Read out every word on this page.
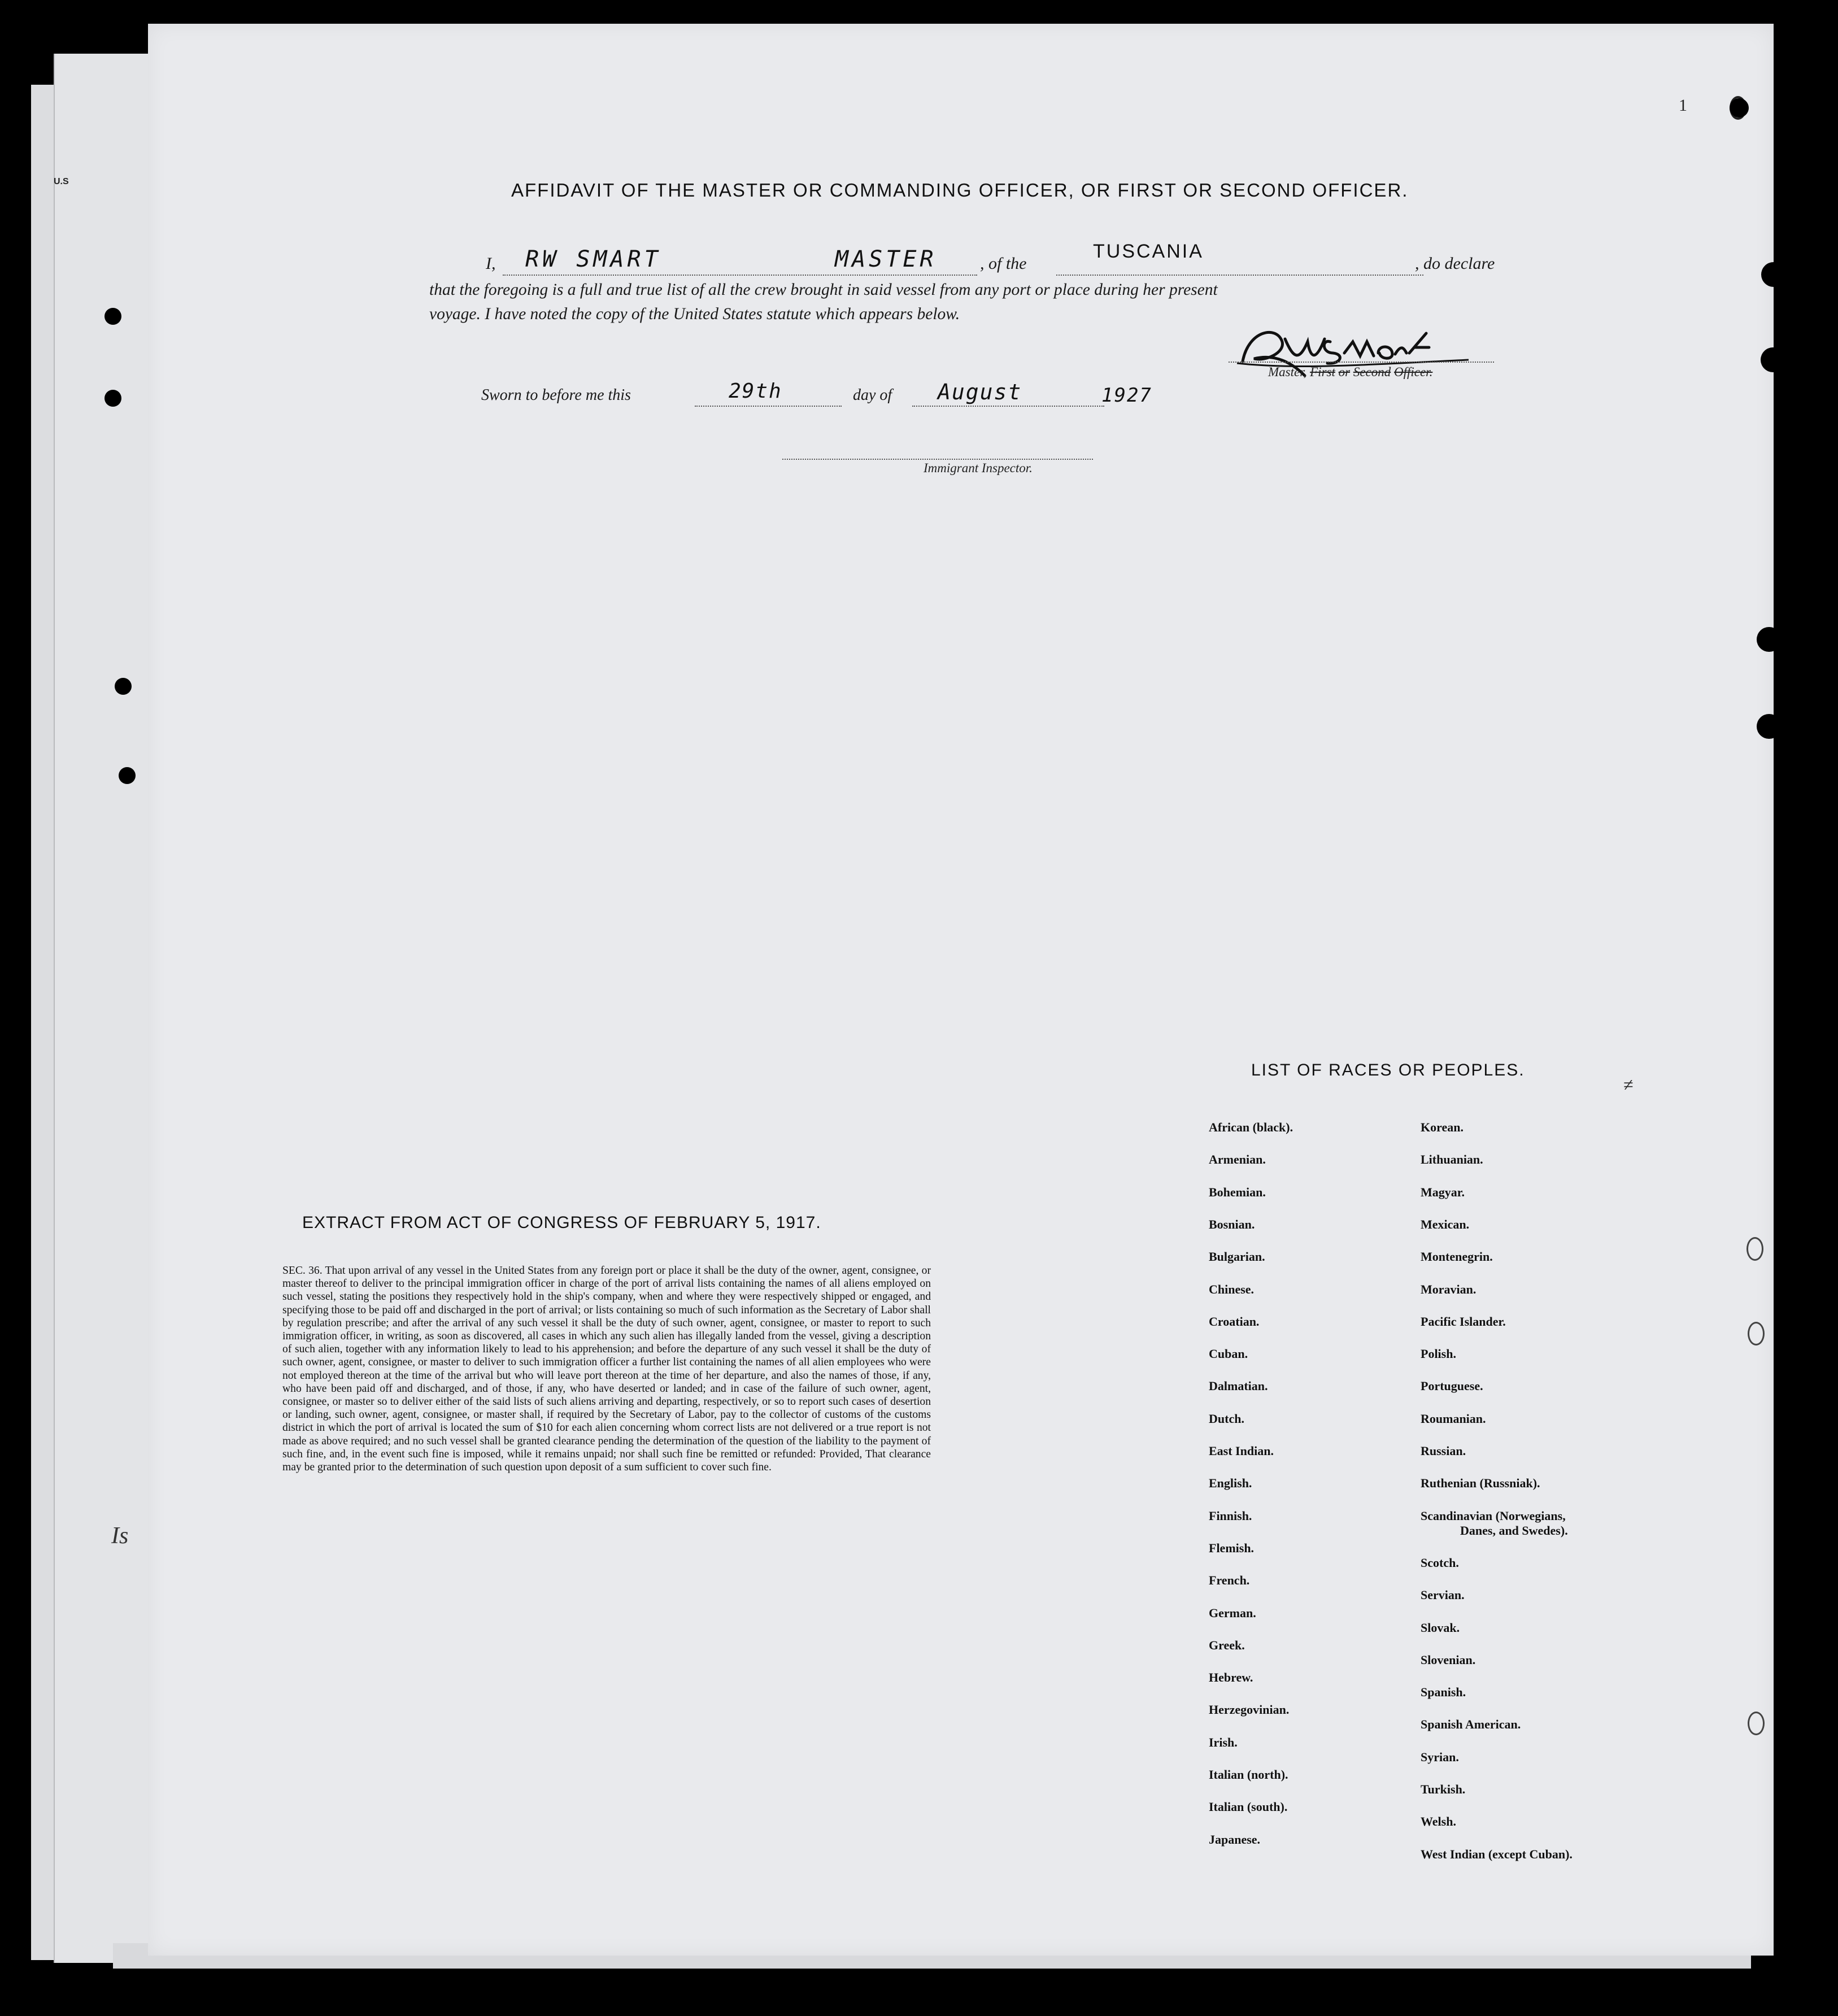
U.S
Is
1
≠
AFFIDAVIT OF THE MASTER OR COMMANDING OFFICER, OR FIRST OR SECOND OFFICER.
I, RW SMART	MASTER	, of the
TUSCANIA
, do declare
that the foregoing is a full and true list of all the crew brought in said vessel from any port or place during her present
voyage. I have noted the copy of the United States statute which appears below.
Master, First or Second Officer.
Sworn to before me this	29th	day of August	1927
Immigrant Inspector.
LIST OF RACES OR PEOPLES.
African (black).
Armenian.
Bohemian.
Bosnian.
Bulgarian.
Chinese.
Croatian.
Cuban.
Dalmatian.
Dutch.
East Indian.
English.
Finnish.
Flemish.
French.
German.
Greek.
Hebrew.
Herzegovinian.
Irish.
Italian (north).
Italian (south).
Japanese.
Korean.
Lithuanian.
Magyar.
Mexican.
Montenegrin.
Moravian.
Pacific Islander.
Polish.
Portuguese.
Roumanian.
Russian.
Ruthenian (Russniak).
Scandinavian (Norwegians,
Danes, and Swedes).
Scotch.
Servian.
Slovak.
Slovenian.
Spanish.
Spanish American.
Syrian.
Turkish.
Welsh.
West Indian (except Cuban).
EXTRACT FROM ACT OF CONGRESS OF FEBRUARY 5, 1917.
SEC. 36. That upon arrival of any vessel in the United States from any foreign port or place it shall be the duty of the owner, agent, consignee, or master thereof to deliver to the principal immigration officer in charge of the port of arrival lists containing the names of all aliens employed on such vessel, stating the positions they respectively hold in the ship's company, when and where they were respectively shipped or engaged, and specifying those to be paid off and discharged in the port of arrival; or lists containing so much of such information as the Secretary of Labor shall by regulation prescribe; and after the arrival of any such vessel it shall be the duty of such owner, agent, consignee, or master to report to such immigration officer, in writing, as soon as discovered, all cases in which any such alien has illegally landed from the vessel, giving a description of such alien, together with any information likely to lead to his apprehension; and before the departure of any such vessel it shall be the duty of such owner, agent, consignee, or master to deliver to such immigration officer a further list containing the names of all alien employees who were not employed thereon at the time of the arrival but who will leave port thereon at the time of her departure, and also the names of those, if any, who have been paid off and discharged, and of those, if any, who have deserted or landed; and in case of the failure of such owner, agent, consignee, or master so to deliver either of the said lists of such aliens arriving and departing, respectively, or so to report such cases of desertion or landing, such owner, agent, consignee, or master shall, if required by the Secretary of Labor, pay to the collector of customs of the customs district in which the port of arrival is located the sum of $10 for each alien concerning whom correct lists are not delivered or a true report is not made as above required; and no such vessel shall be granted clearance pending the determination of the question of the liability to the payment of such fine, and, in the event such fine is imposed, while it remains unpaid; nor shall such fine be remitted or refunded: Provided, That clearance may be granted prior to the determination of such question upon deposit of a sum sufficient to cover such fine.
